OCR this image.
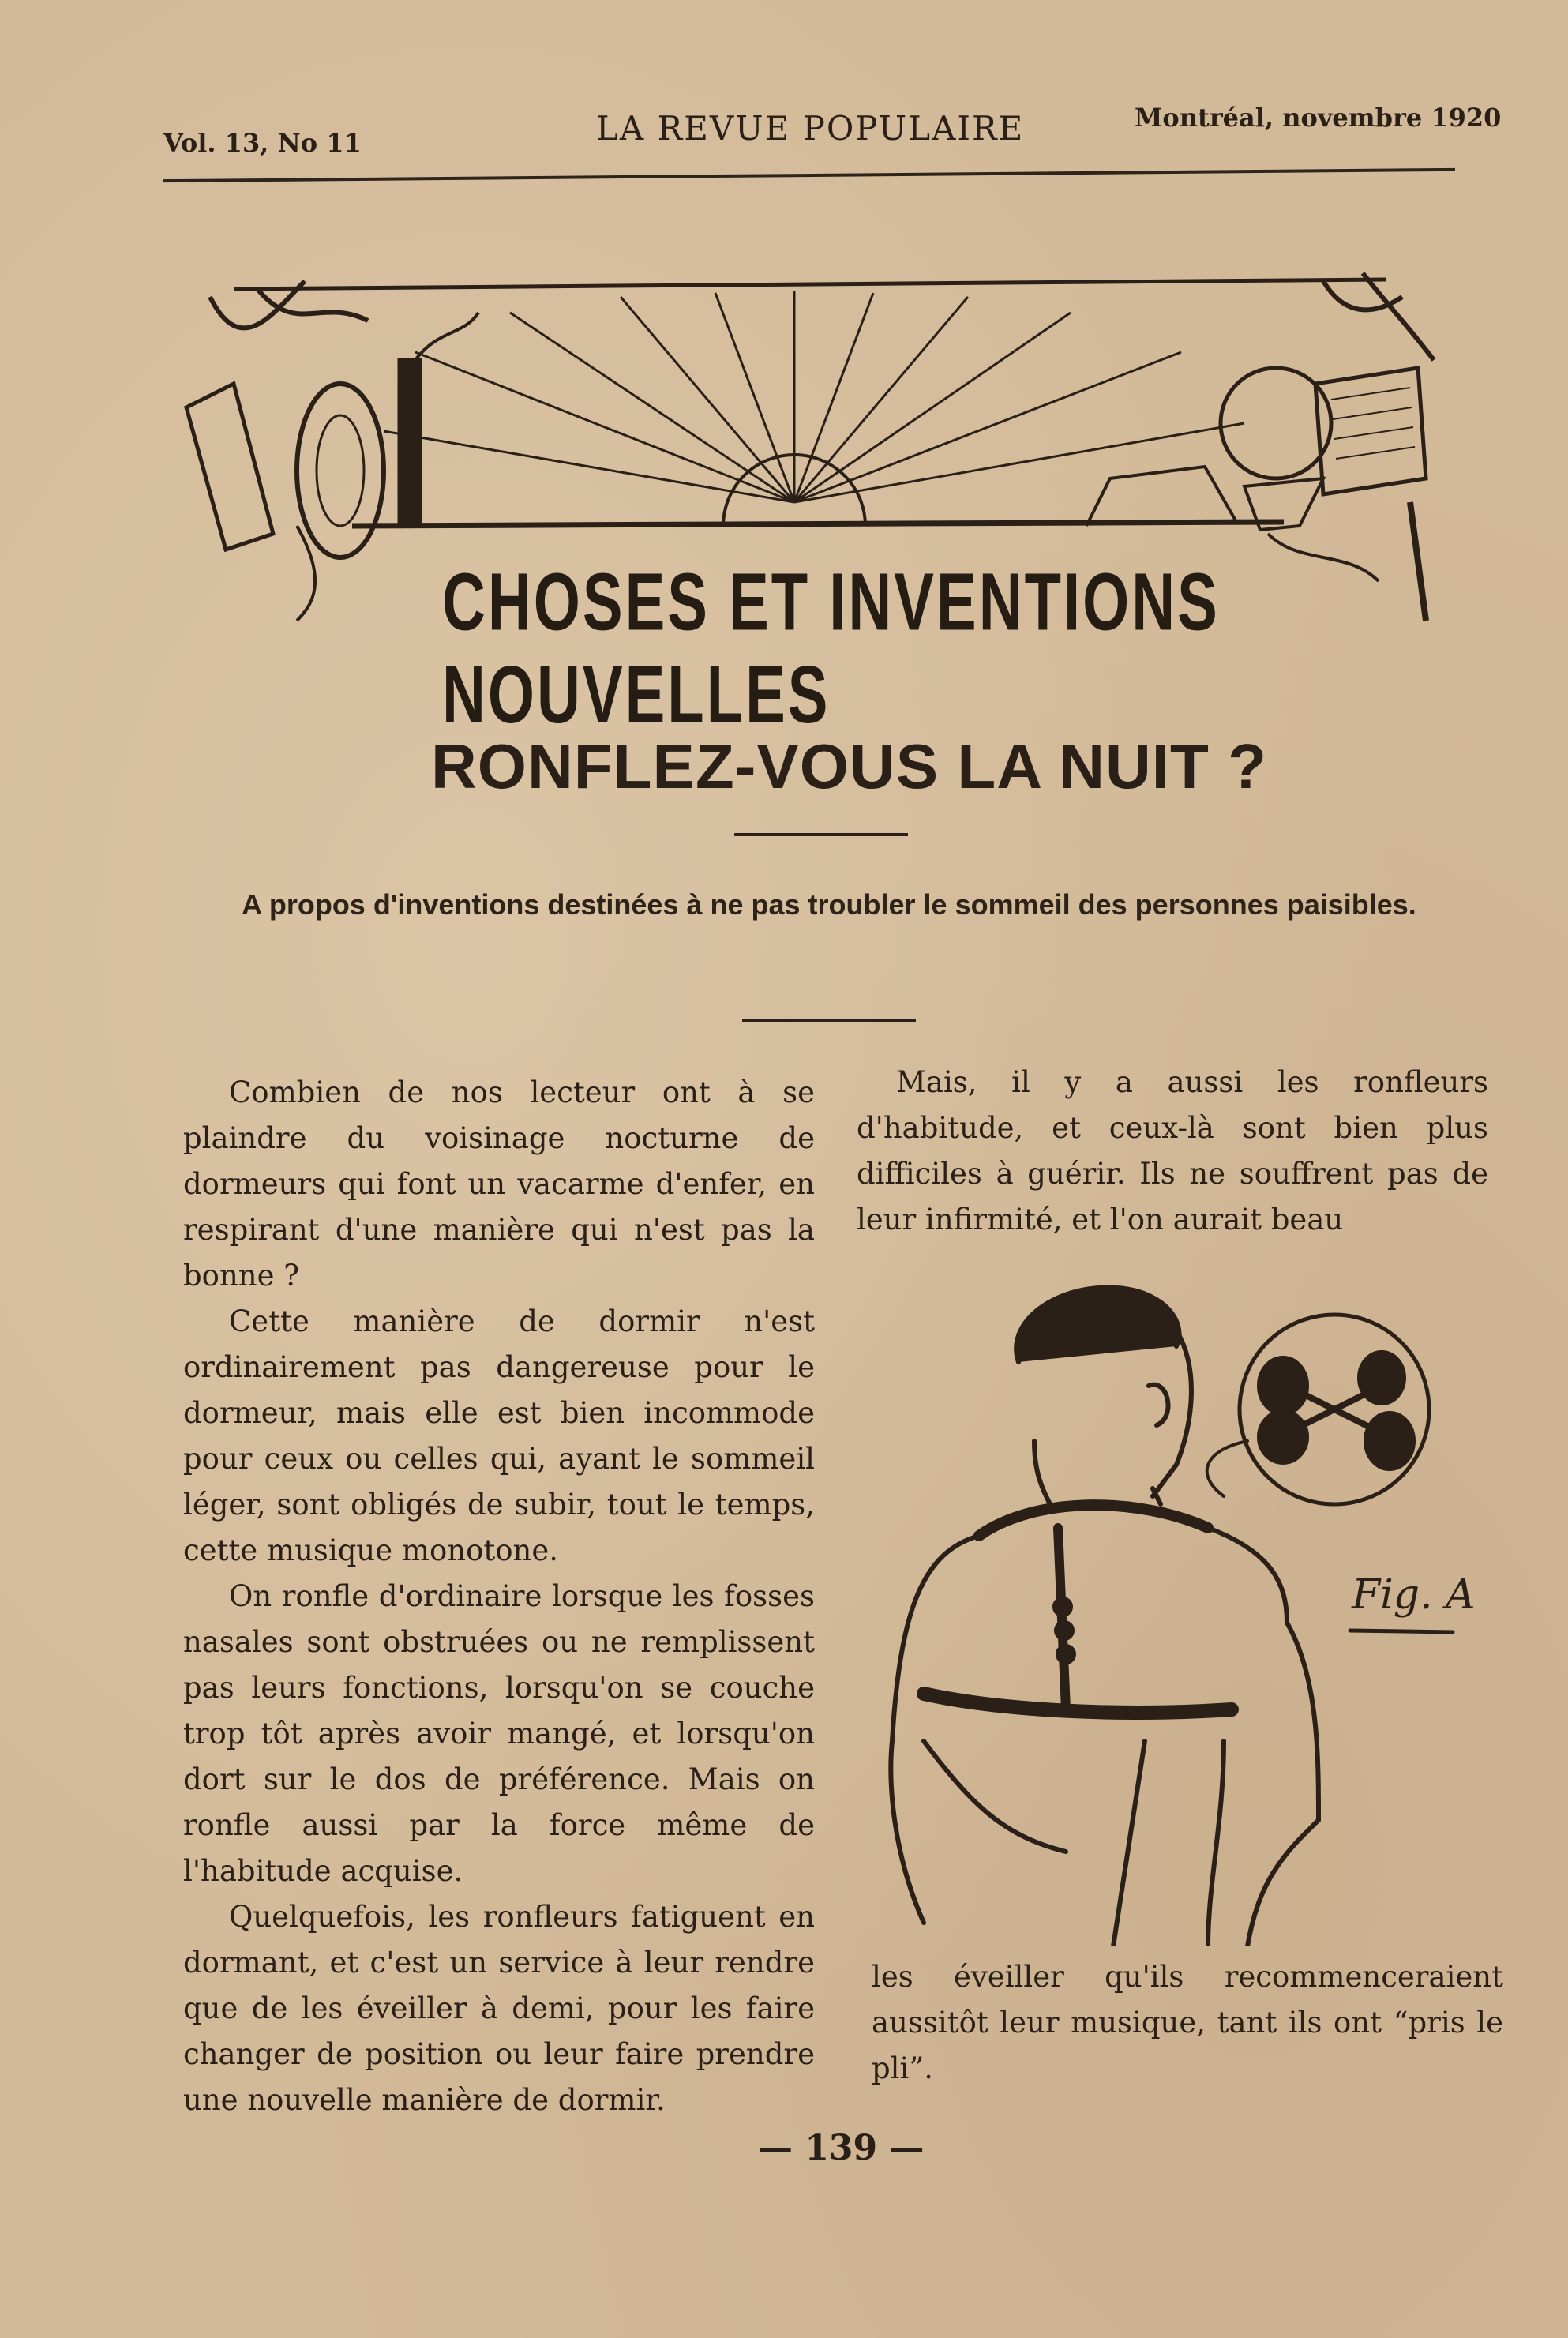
Vol. 13, No 11	LA REVUE POPULAIRE	Montréal, novembre 1920
CHOSES ET INVENTIONS NOUVELLES
RONFLEZ-VOUS LA NUIT ?
A propos d'inventions destinées à ne pas troubler le sommeil des personnes paisibles.

Combien de nos lecteur ont à se plaindre du voisinage nocturne de dormeurs qui font un vacarme d'enfer, en respirant d'une manière qui n'est pas la bonne ?

Cette manière de dormir n'est ordinairement pas dangereuse pour le dormeur, mais elle est bien incommode pour ceux ou celles qui, ayant le sommeil léger, sont obligés de subir, tout le temps, cette musique monotone.

On ronfle d'ordinaire lorsque les fosses nasales sont obstruées ou ne remplissent pas leurs fonctions, lorsqu'on se couche trop tôt après avoir mangé, et lorsqu'on dort sur le dos de préférence. Mais on ronfle aussi par la force même de l'habitude acquise.

Quelquefois, les ronfleurs fatiguent en dormant, et c'est un service à leur rendre que de les éveiller à demi, pour les faire changer de position ou leur faire prendre une nouvelle manière de dormir.

Mais, il y a aussi les ronfleurs d'habitude, et ceux-là sont bien plus difficiles à guérir. Ils ne souffrent pas de leur infirmité, et l'on aurait beau

Fig. A

les éveiller qu'ils recommenceraient aussitôt leur musique, tant ils ont “pris le pli”.

— 139 —
